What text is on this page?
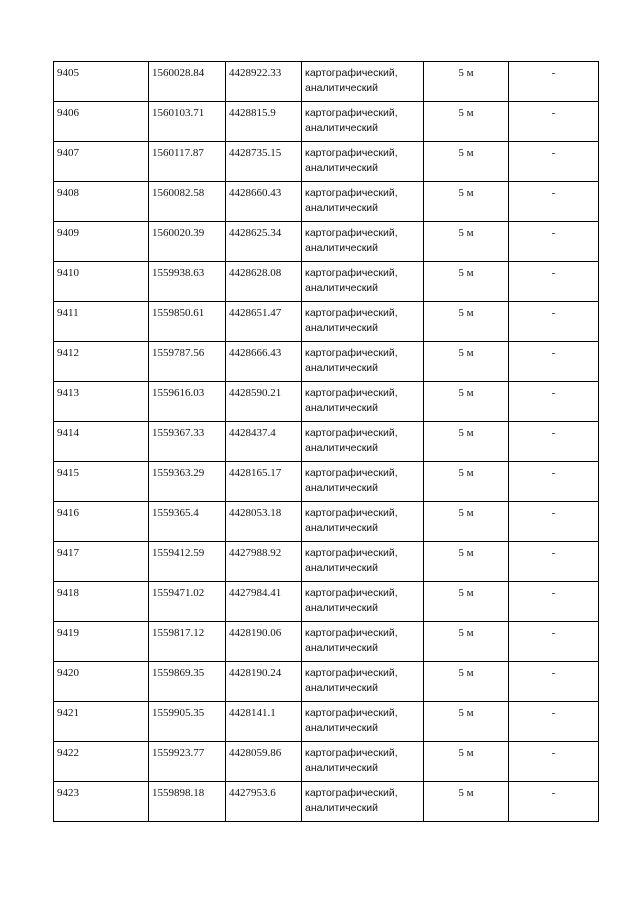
9405	1560028.84	4428922.33	картографический, аналитический	5 м	-
9406	1560103.71	4428815.9	картографический, аналитический	5 м	-
9407	1560117.87	4428735.15	картографический, аналитический	5 м	-
9408	1560082.58	4428660.43	картографический, аналитический	5 м	-
9409	1560020.39	4428625.34	картографический, аналитический	5 м	-
9410	1559938.63	4428628.08	картографический, аналитический	5 м	-
9411	1559850.61	4428651.47	картографический, аналитический	5 м	-
9412	1559787.56	4428666.43	картографический, аналитический	5 м	-
9413	1559616.03	4428590.21	картографический, аналитический	5 м	-
9414	1559367.33	4428437.4	картографический, аналитический	5 м	-
9415	1559363.29	4428165.17	картографический, аналитический	5 м	-
9416	1559365.4	4428053.18	картографический, аналитический	5 м	-
9417	1559412.59	4427988.92	картографический, аналитический	5 м	-
9418	1559471.02	4427984.41	картографический, аналитический	5 м	-
9419	1559817.12	4428190.06	картографический, аналитический	5 м	-
9420	1559869.35	4428190.24	картографический, аналитический	5 м	-
9421	1559905.35	4428141.1	картографический, аналитический	5 м	-
9422	1559923.77	4428059.86	картографический, аналитический	5 м	-
9423	1559898.18	4427953.6	картографический, аналитический	5 м	-
